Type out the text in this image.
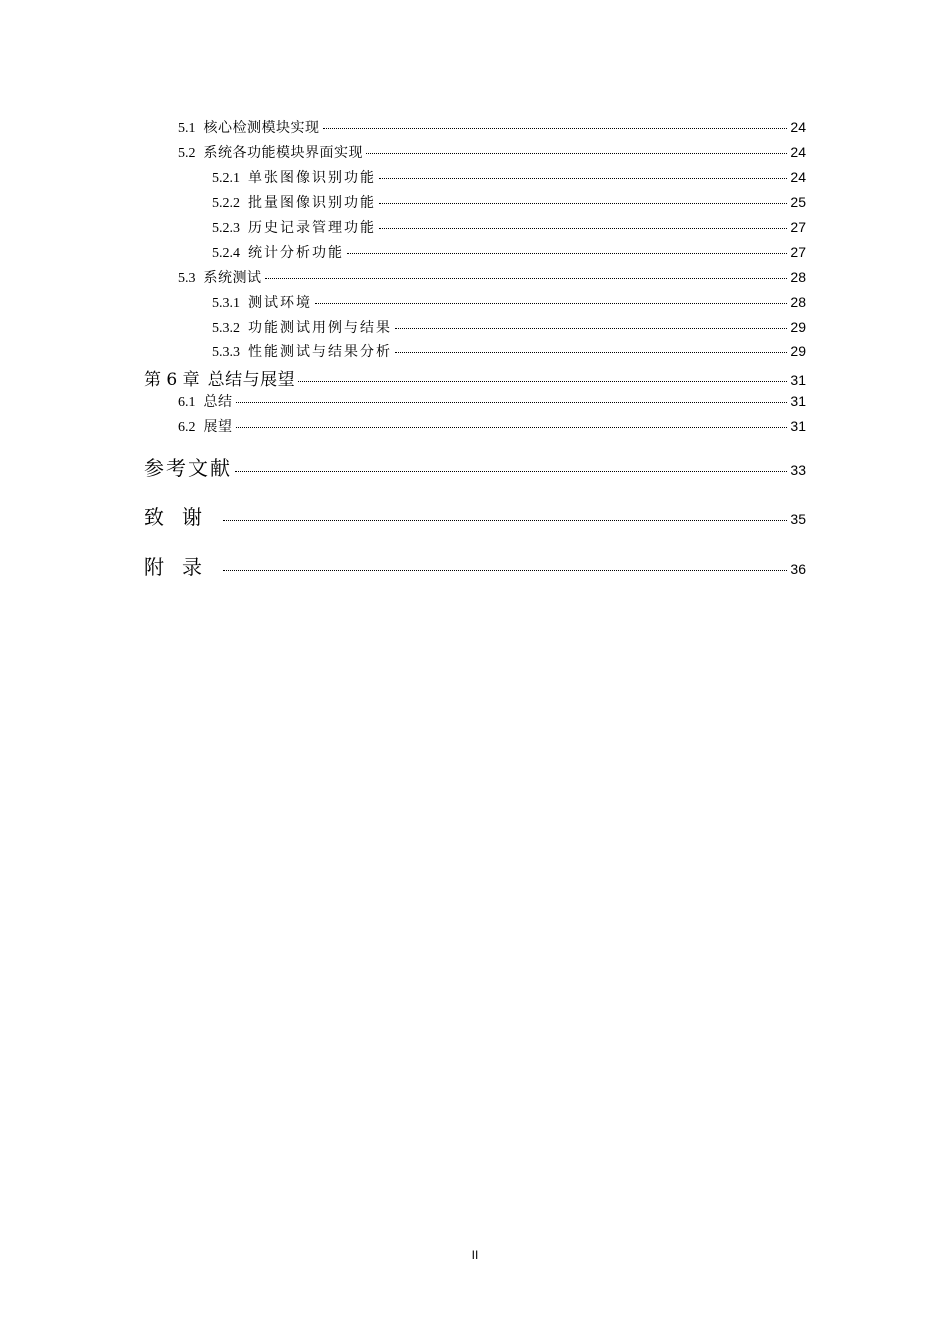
5.1 核心检测模块实现	24
5.2 系统各功能模块界面实现	24
5.2.1 单张图像识别功能	24
5.2.2 批量图像识别功能	25
5.2.3 历史记录管理功能	27
5.2.4 统计分析功能	27
5.3 系统测试	28
5.3.1 测试环境	28
5.3.2 功能测试用例与结果	29
5.3.3 性能测试与结果分析	29
第 6 章 总结与展望	31
6.1 总结	31
6.2 展望	31
参考文献	33
致谢	35
附录	36
II
